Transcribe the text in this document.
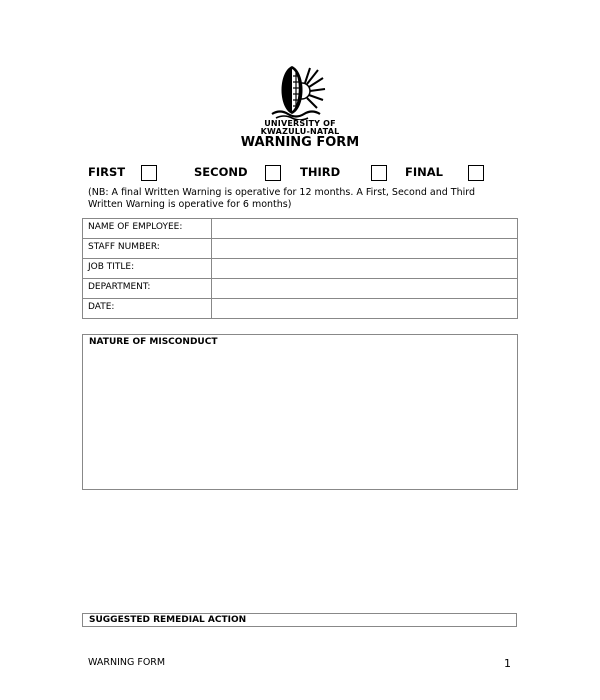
UNIVERSITY OF
KWAZULU-NATAL
WARNING FORM
FIRST	SECOND	THIRD	FINAL
(NB: A final Written Warning is operative for 12 months. A First, Second and Third Written Warning is operative for 6 months)
NAME OF EMPLOYEE:	
STAFF NUMBER:	
JOB TITLE:	
DEPARTMENT:	
DATE:	
NATURE OF MISCONDUCT
SUGGESTED REMEDIAL ACTION
WARNING FORM	1
